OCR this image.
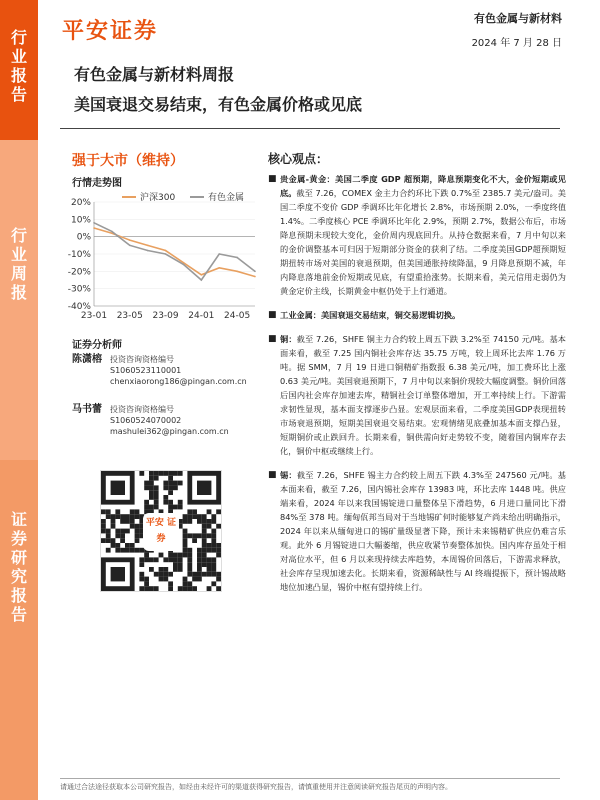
行业报告
行业周报
证券研究报告
平安证券
有色金属与新材料
2024 年 7 月 28 日
有色金属与新材料周报
美国衰退交易结束，有色金属价格或见底
强于大市（维持）	核心观点：
行情走势图
20%
10%
0%
-10%
-20%
-30%
-40%
23-01 23-05 23-09 24-01 24-05
沪深300	有色金属
证券分析师
陈潇榕	投资咨询资格编号
S1060523110001
chenxiaorong186@pingan.com.cn
马书蕾	投资咨询资格编号
S1060524070002
mashulei362@pingan.com.cn
平安 证券
■ 贵金属-黄金：美国二季度 GDP 超预期，降息预期变化不大，金价短期或见底。截至 7.26，COMEX 金主力合约环比下跌 0.7%至 2385.7 美元/盎司。美国二季度不变价 GDP 季调环比年化增长 2.8%，市场预期 2.0%，一季度终值 1.4%。二季度核心 PCE 季调环比年化 2.9%，预期 2.7%，数据公布后，市场降息预期未现较大变化，金价周内现底回升。从持仓数据来看，7 月中旬以来的金价调整基本可归因于短期部分资金的获利了结。二季度美国GDP超预期短期扭转市场对美国的衰退预期，但美国通胀持续降温，9 月降息预期不减，年内降息落地前金价短期或见底，有望重拾涨势。长期来看，美元信用走弱仍为黄金定价主线，长期黄金中枢仍处于上行通道。
■ 工业金属：美国衰退交易结束，铜交易逻辑切换。
■ 铜：截至 7.26，SHFE 铜主力合约较上周五下跌 3.2%至 74150 元/吨。基本面来看，截至 7.25 国内铜社会库存达 35.75 万吨，较上周环比去库 1.76 万吨。据 SMM，7 月 19 日进口铜精矿指数报 6.38 美元/吨，加工费环比上涨 0.63 美元/吨。美国衰退预期下，7 月中旬以来铜价现较大幅度调整。铜价回落后国内社会库存加速去库，精铜社会订单整体增加，开工率持续上行。下游需求韧性显现，基本面支撑逐步凸显。宏观层面来看，二季度美国GDP表现扭转市场衰退预期，短期美国衰退交易结束。宏观情绪见底叠加基本面支撑凸显，短期铜价或止跌回升。长期来看，铜供需向好走势较不变，随着国内铜库存去化，铜价中枢或继续上行。
■ 锡：截至 7.26，SHFE 锡主力合约较上周五下跌 4.3%至 247560 元/吨。基本面来看，截至 7.26，国内锡社会库存 13983 吨，环比去库 1448 吨。供应端来看，2024 年以来我国锡锭进口量整体呈下滑趋势，6 月进口量同比下滑 84%至 378 吨。缅甸佤邦当局对于当地锡矿何时能够复产尚未给出明确指示，2024 年以来从缅甸进口的锡矿量级显著下降，预计未来锡精矿供应仍难言乐观。此外 6 月锡锭进口大幅萎缩，供应收紧节奏整体加快。国内库存虽处于相对高位水平，但 6 月以来现持续去库趋势，本周锡价回落后，下游需求释放，社会库存呈现加速去化。长期来看，资源稀缺性与 AI 终端提振下，预计锡战略地位加速凸显，锡价中枢有望持续上行。
请通过合法途径获取本公司研究报告，如经由未经许可的渠道获得研究报告，请慎重使用并注意阅读研究报告尾页的声明内容。
